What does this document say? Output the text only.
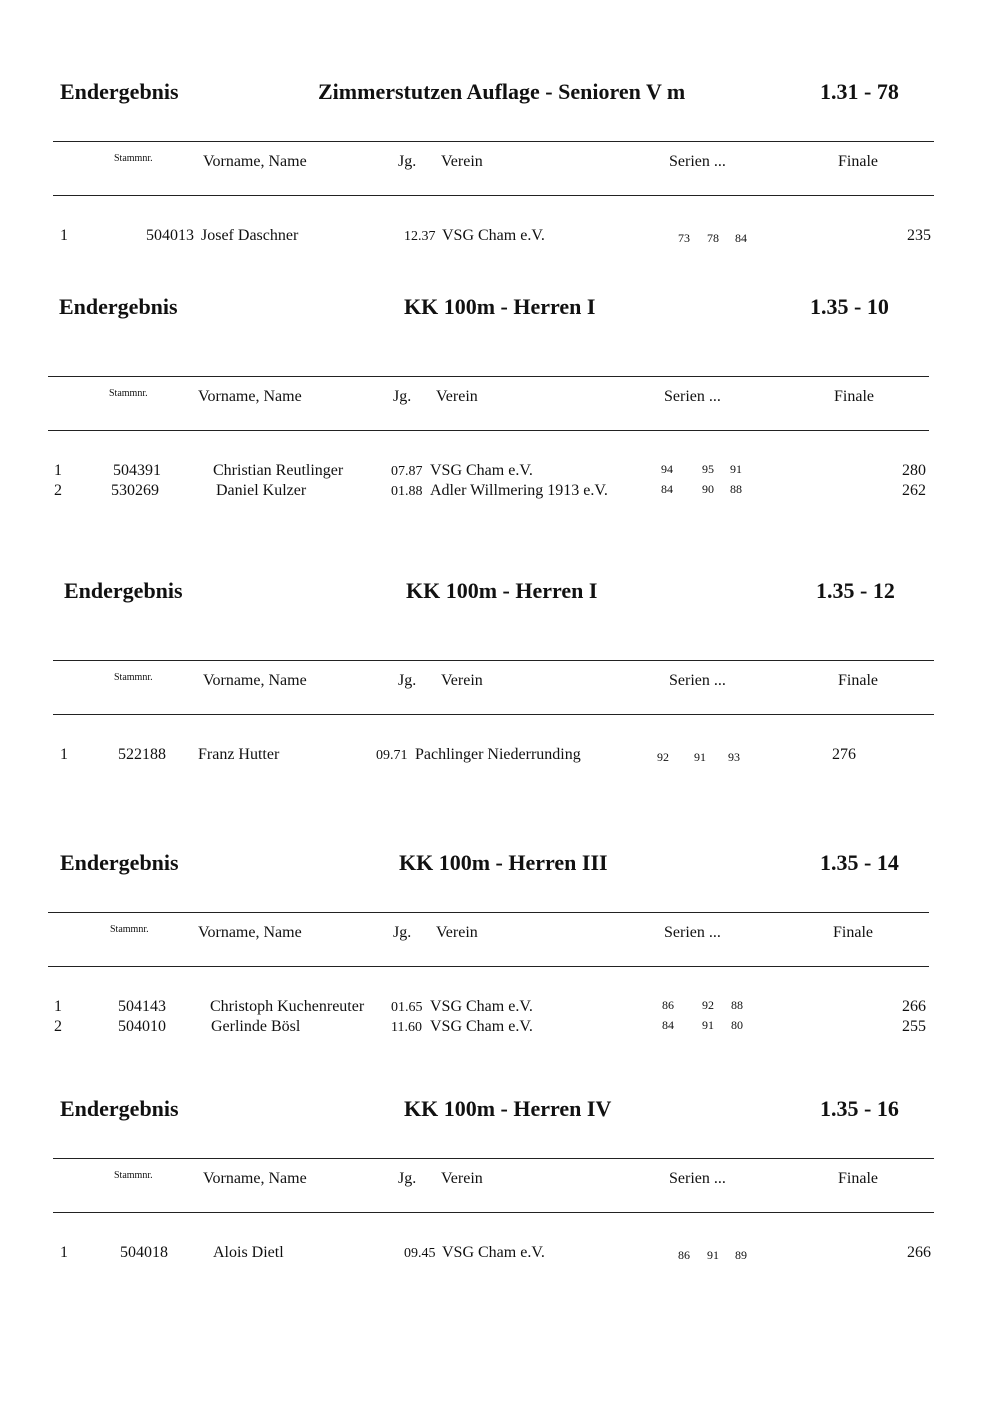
Endergebnis	Zimmerstutzen Auflage - Senioren V m	1.31 - 78
Stammnr.	Vorname, Name	Jg. Verein	Serien ...	Finale
1	504013 Josef Daschner	12.37 VSG Cham e.V.	73 78 84	235
Endergebnis	KK 100m - Herren I	1.35 - 10
Stammnr.	Vorname, Name	Jg. Verein	Serien ...	Finale
1	504391	Christian Reutlinger	07.87 VSG Cham e.V.	94 95 91	280
2	530269	Daniel Kulzer	01.88 Adler Willmering 1913 e.V.	84 90 88	262
Endergebnis	KK 100m - Herren I	1.35 - 12
Stammnr.	Vorname, Name	Jg. Verein	Serien ...	Finale
1	522188 Franz Hutter	09.71 Pachlinger Niederrunding	92 91 93	276
Endergebnis	KK 100m - Herren III	1.35 - 14
Stammnr.	Vorname, Name	Jg. Verein	Serien ...	Finale
1	504143	Christoph Kuchenreuter 01.65 VSG Cham e.V.	86 92 88	266
2	504010	Gerlinde Bösl	11.60 VSG Cham e.V.	84 91 80	255
Endergebnis	KK 100m - Herren IV	1.35 - 16
Stammnr.	Vorname, Name	Jg. Verein	Serien ...	Finale
1	504018	Alois Dietl	09.45 VSG Cham e.V.	86 91 89	266
